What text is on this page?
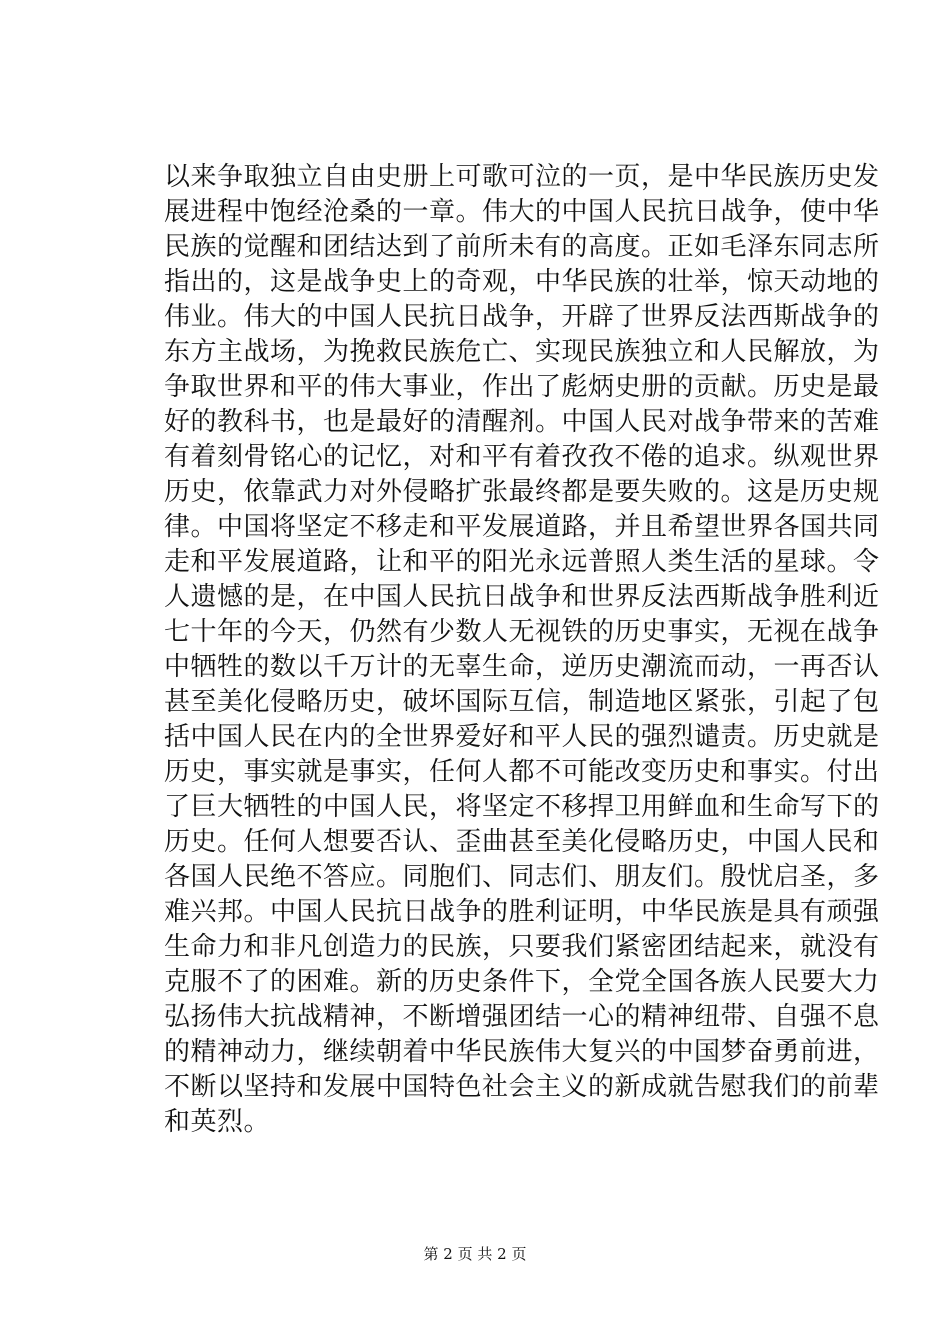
以来争取独立自由史册上可歌可泣的一页，是中华民族历史发
展进程中饱经沧桑的一章。伟大的中国人民抗日战争，使中华
民族的觉醒和团结达到了前所未有的高度。正如毛泽东同志所
指出的，这是战争史上的奇观，中华民族的壮举，惊天动地的
伟业。伟大的中国人民抗日战争，开辟了世界反法西斯战争的
东方主战场，为挽救民族危亡、实现民族独立和人民解放，为
争取世界和平的伟大事业，作出了彪炳史册的贡献。历史是最
好的教科书，也是最好的清醒剂。中国人民对战争带来的苦难
有着刻骨铭心的记忆，对和平有着孜孜不倦的追求。纵观世界
历史，依靠武力对外侵略扩张最终都是要失败的。这是历史规
律。中国将坚定不移走和平发展道路，并且希望世界各国共同
走和平发展道路，让和平的阳光永远普照人类生活的星球。令
人遗憾的是，在中国人民抗日战争和世界反法西斯战争胜利近
七十年的今天，仍然有少数人无视铁的历史事实，无视在战争
中牺牲的数以千万计的无辜生命，逆历史潮流而动，一再否认
甚至美化侵略历史，破坏国际互信，制造地区紧张，引起了包
括中国人民在内的全世界爱好和平人民的强烈谴责。历史就是
历史，事实就是事实，任何人都不可能改变历史和事实。付出
了巨大牺牲的中国人民，将坚定不移捍卫用鲜血和生命写下的
历史。任何人想要否认、歪曲甚至美化侵略历史，中国人民和
各国人民绝不答应。同胞们、同志们、朋友们。殷忧启圣，多
难兴邦。中国人民抗日战争的胜利证明，中华民族是具有顽强
生命力和非凡创造力的民族，只要我们紧密团结起来，就没有
克服不了的困难。新的历史条件下，全党全国各族人民要大力
弘扬伟大抗战精神，不断增强团结一心的精神纽带、自强不息
的精神动力，继续朝着中华民族伟大复兴的中国梦奋勇前进，
不断以坚持和发展中国特色社会主义的新成就告慰我们的前辈
和英烈。
第 2 页 共 2 页
